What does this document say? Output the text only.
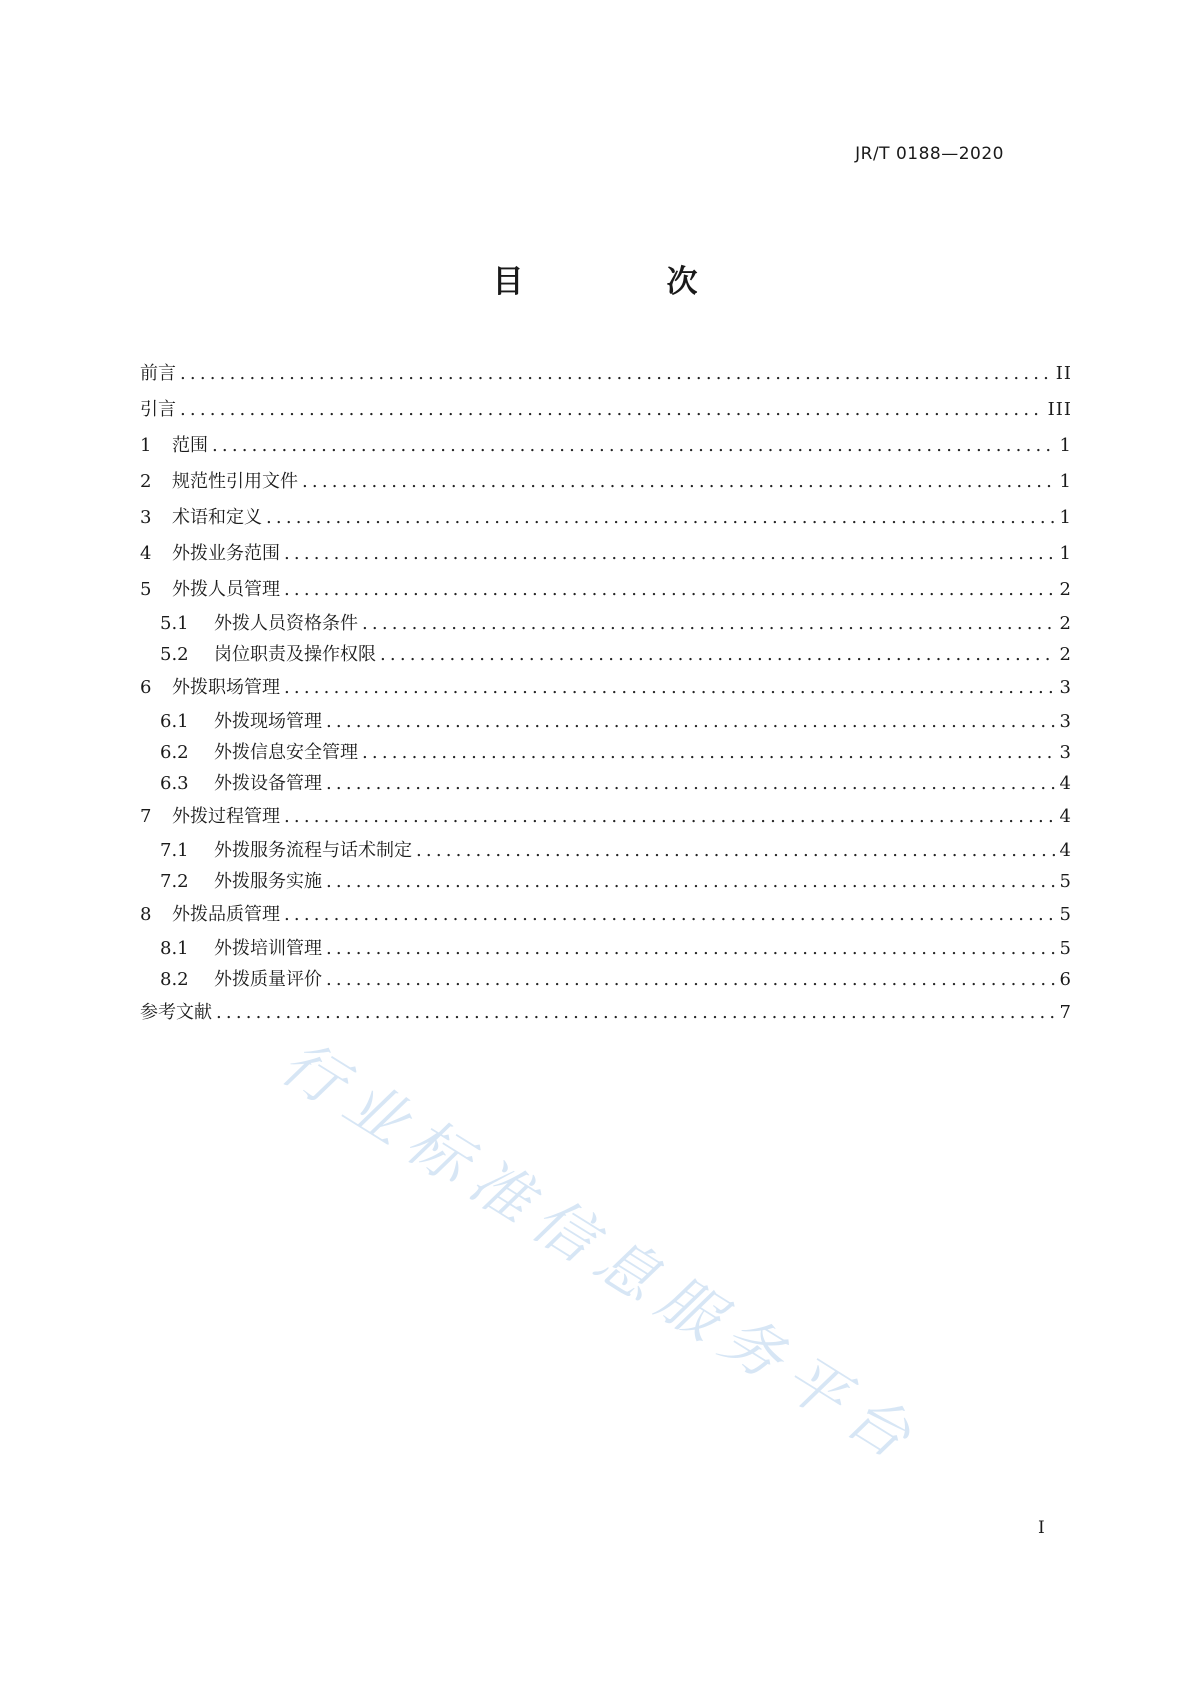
JR/T 0188—2020
目　次
前言 .....	II
引言 .....	III
1	范围 .....	1
2	规范性引用文件 .....	1
3	术语和定义 .....	1
4	外拨业务范围 .....	1
5	外拨人员管理 .....	2
5.1	外拨人员资格条件 .....	2
5.2	岗位职责及操作权限 .....	2
6	外拨职场管理 .....	3
6.1	外拨现场管理 .....	3
6.2	外拨信息安全管理 .....	3
6.3	外拨设备管理 .....	4
7	外拨过程管理 .....	4
7.1	外拨服务流程与话术制定 .....	4
7.2	外拨服务实施 .....	5
8	外拨品质管理 .....	5
8.1	外拨培训管理 .....	5
8.2	外拨质量评价 .....	6
参考文献 .....	7
I
行业标准信息服务平台
